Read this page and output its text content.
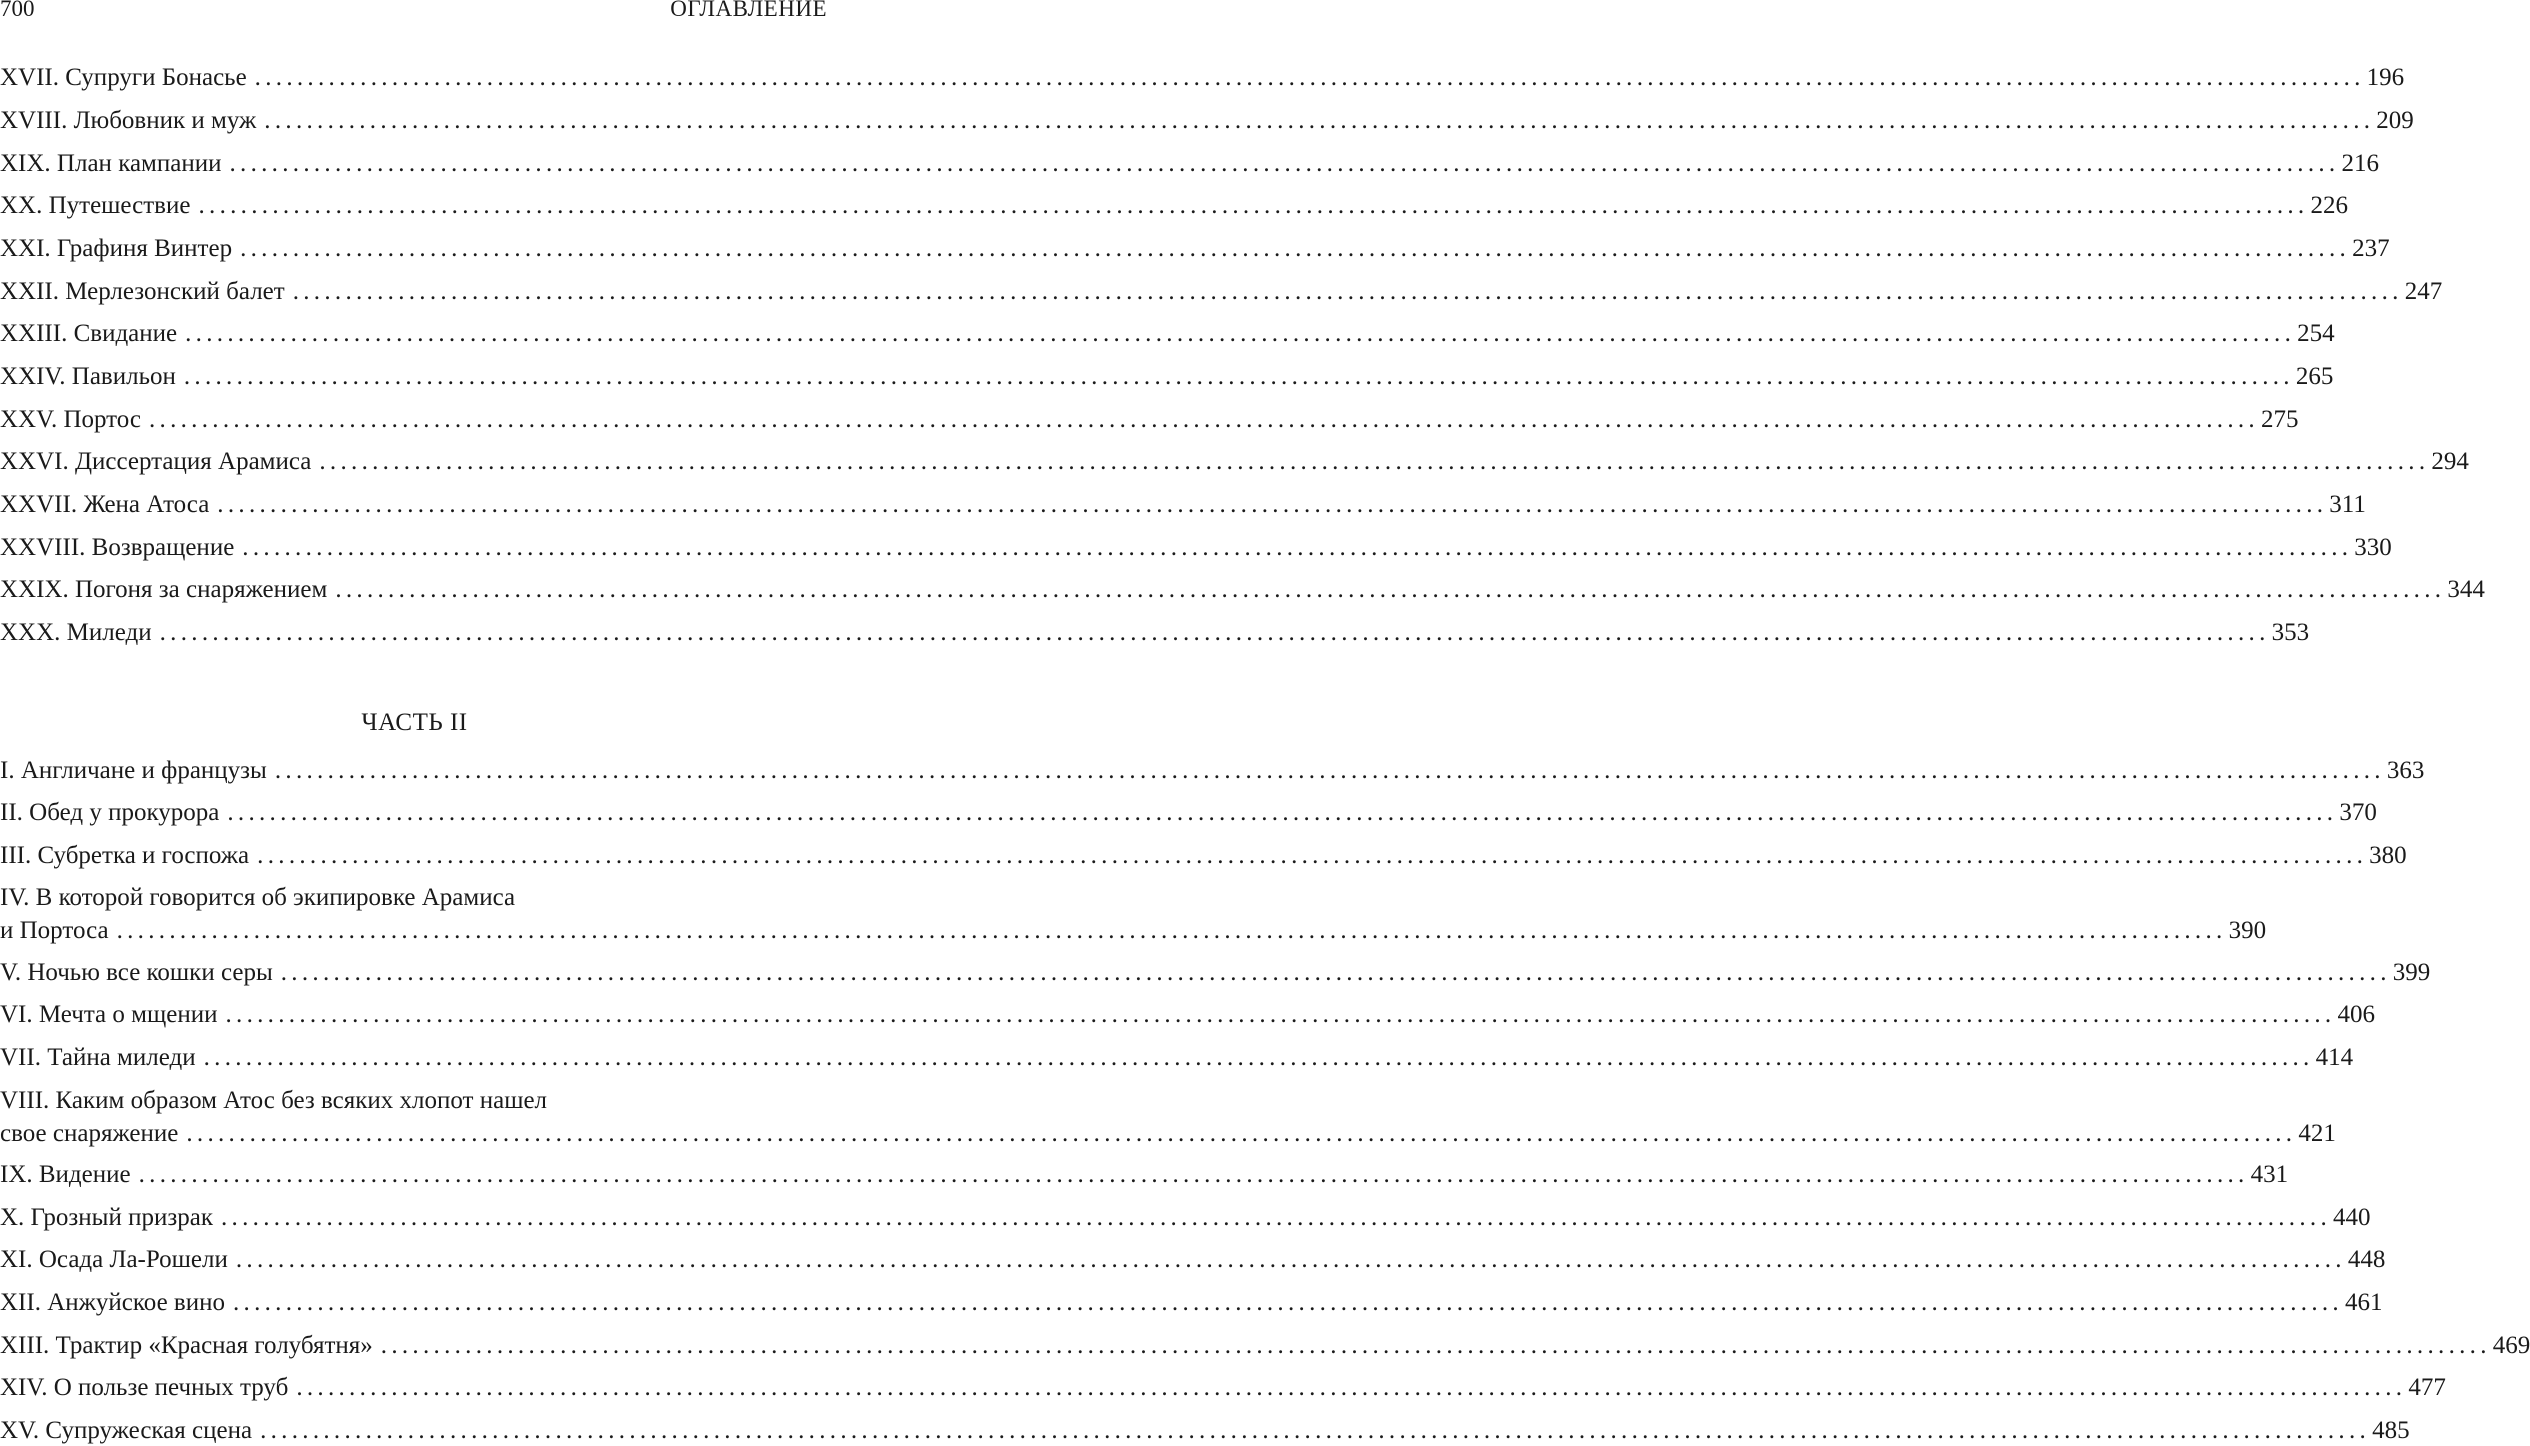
700	ОГЛАВЛЕНИЕ
XVII. Супруги Бонасье ........................................................................................................................................................................................................ 196
XVIII. Любовник и муж ........................................................................................................................................................................................................ 209
XIX. План кампании ........................................................................................................................................................................................................ 216
XX. Путешествие ........................................................................................................................................................................................................ 226
XXI. Графиня Винтер ........................................................................................................................................................................................................ 237
XXII. Мерлезонский балет ........................................................................................................................................................................................................ 247
XXIII. Свидание ........................................................................................................................................................................................................ 254
XXIV. Павильон ........................................................................................................................................................................................................ 265
XXV. Портос ........................................................................................................................................................................................................ 275
XXVI. Диссертация Арамиса ........................................................................................................................................................................................................ 294
XXVII. Жена Атоса ........................................................................................................................................................................................................ 311
XXVIII. Возвращение ........................................................................................................................................................................................................ 330
XXIX. Погоня за снаряжением ........................................................................................................................................................................................................ 344
XXX. Миледи ........................................................................................................................................................................................................ 353
ЧАСТЬ II
I. Англичане и французы ........................................................................................................................................................................................................ 363
II. Обед у прокурора ........................................................................................................................................................................................................ 370
III. Субретка и госпожа ........................................................................................................................................................................................................ 380
IV. В которой говорится об экипировке Арамиса
и Портоса ........................................................................................................................................................................................................ 390
V. Ночью все кошки серы ........................................................................................................................................................................................................ 399
VI. Мечта о мщении ........................................................................................................................................................................................................ 406
VII. Тайна миледи ........................................................................................................................................................................................................ 414
VIII. Каким образом Атос без всяких хлопот нашел
свое снаряжение ........................................................................................................................................................................................................ 421
IX. Видение ........................................................................................................................................................................................................ 431
X. Грозный призрак ........................................................................................................................................................................................................ 440
XI. Осада Ла-Рошели ........................................................................................................................................................................................................ 448
XII. Анжуйское вино ........................................................................................................................................................................................................ 461
XIII. Трактир «Красная голубятня» ........................................................................................................................................................................................................ 469
XIV. О пользе печных труб ........................................................................................................................................................................................................ 477
XV. Супружеская сцена ........................................................................................................................................................................................................ 485
